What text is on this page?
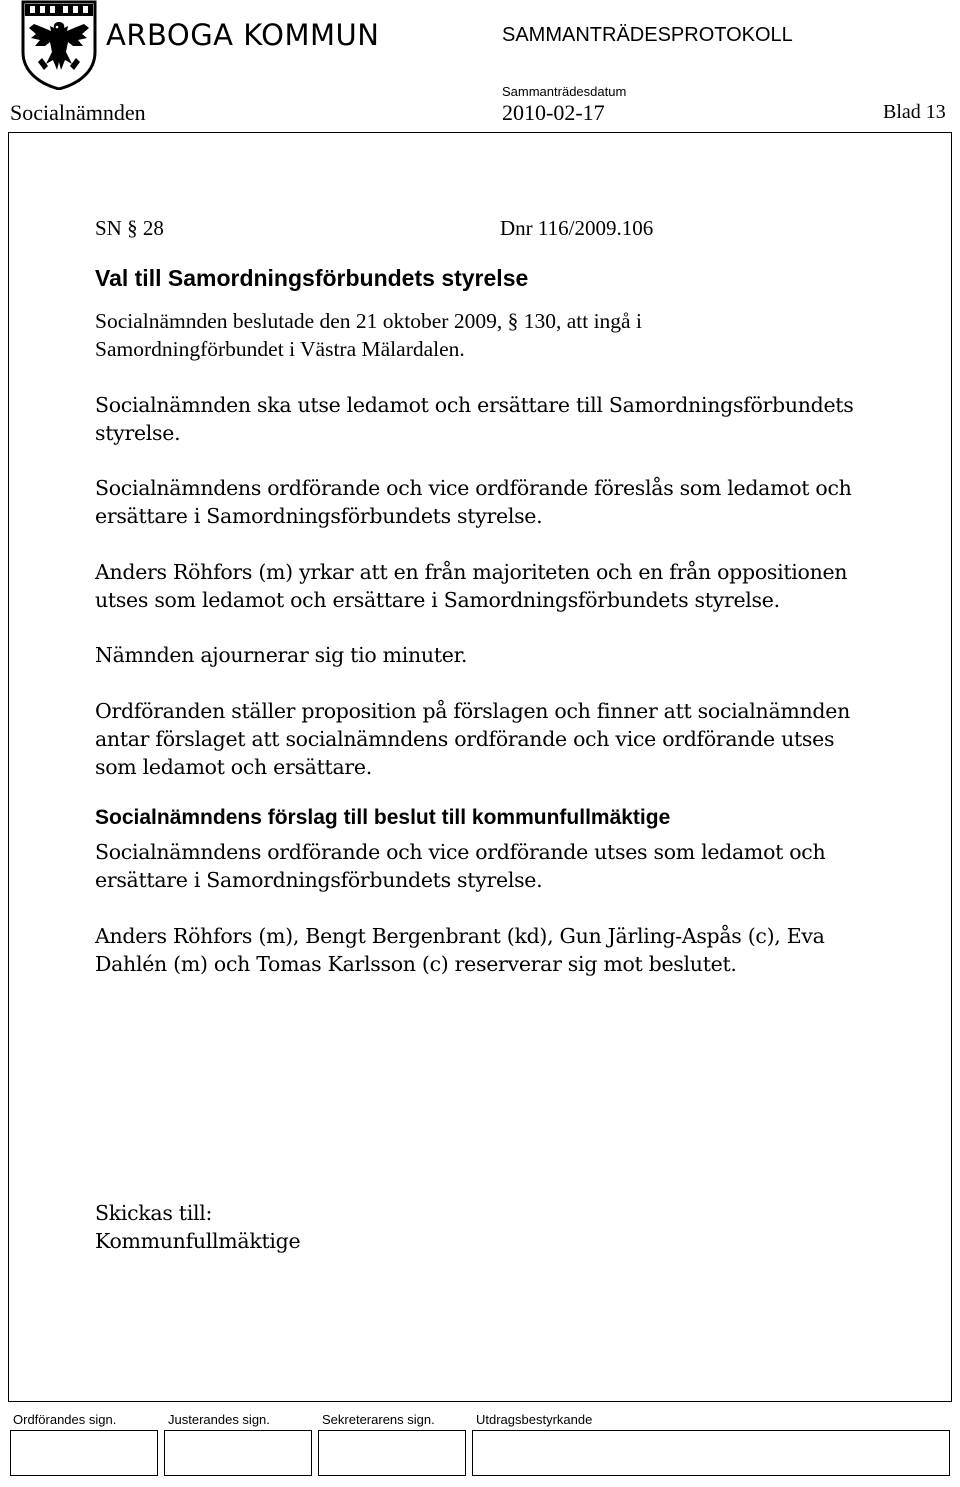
ARBOGA KOMMUN	SAMMANTRÄDESPROTOKOLL
Sammanträdesdatum
Socialnämnden	2010-02-17	Blad 13
SN § 28	Dnr 116/2009.106
Val till Samordningsförbundets styrelse
Socialnämnden beslutade den 21 oktober 2009, § 130, att ingå i
Samordningförbundet i Västra Mälardalen.
Socialnämnden ska utse ledamot och ersättare till Samordningsförbundets
styrelse.
Socialnämndens ordförande och vice ordförande föreslås som ledamot och
ersättare i Samordningsförbundets styrelse.
Anders Röhfors (m) yrkar att en från majoriteten och en från oppositionen
utses som ledamot och ersättare i Samordningsförbundets styrelse.
Nämnden ajournerar sig tio minuter.
Ordföranden ställer proposition på förslagen och finner att socialnämnden
antar förslaget att socialnämndens ordförande och vice ordförande utses
som ledamot och ersättare.
Socialnämndens förslag till beslut till kommunfullmäktige
Socialnämndens ordförande och vice ordförande utses som ledamot och
ersättare i Samordningsförbundets styrelse.
Anders Röhfors (m), Bengt Bergenbrant (kd), Gun Järling-Aspås (c), Eva
Dahlén (m) och Tomas Karlsson (c) reserverar sig mot beslutet.
Skickas till:
Kommunfullmäktige
Ordförandes sign.	Justerandes sign.	Sekreterarens sign.	Utdragsbestyrkande
